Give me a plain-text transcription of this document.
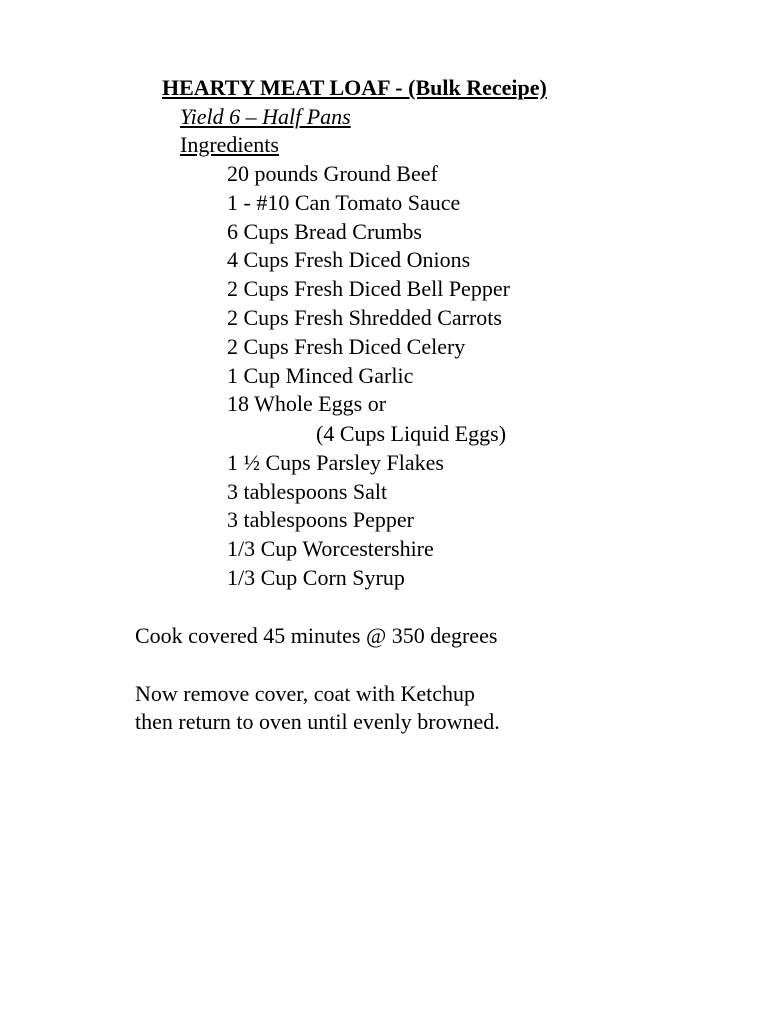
HEARTY MEAT LOAF - (Bulk Receipe)
Yield 6 – Half Pans
Ingredients
20 pounds Ground Beef
1 - #10 Can Tomato Sauce
6 Cups Bread Crumbs
4 Cups Fresh Diced Onions
2 Cups Fresh Diced Bell Pepper
2 Cups Fresh Shredded Carrots
2 Cups Fresh Diced Celery
1 Cup Minced Garlic
18 Whole Eggs or
(4 Cups Liquid Eggs)
1 ½ Cups Parsley Flakes
3 tablespoons Salt
3 tablespoons Pepper
1/3 Cup Worcestershire
1/3 Cup Corn Syrup
Cook covered 45 minutes @ 350 degrees
Now remove cover, coat with Ketchup
then return to oven until evenly browned.
